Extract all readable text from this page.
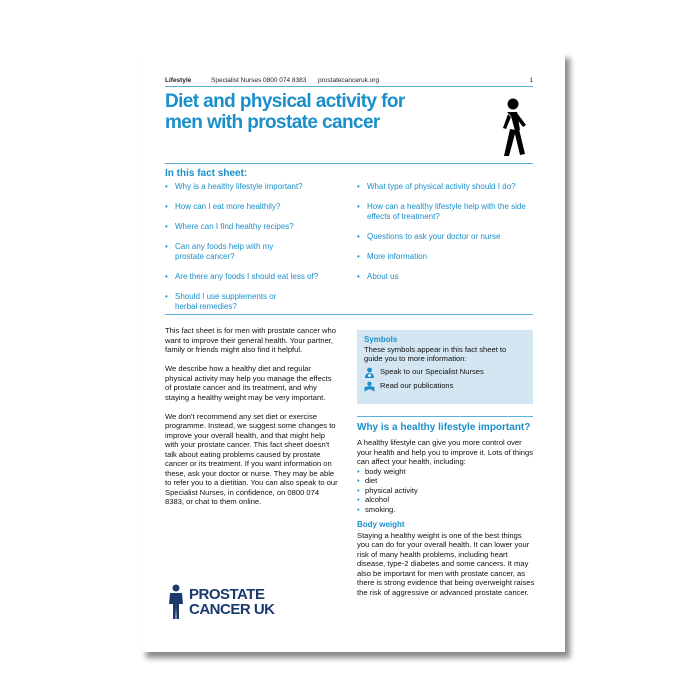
Lifestyle	Specialist Nurses 0800 074 8383	prostatecanceruk.org	1
Diet and physical activity for men with prostate cancer
In this fact sheet:
• Why is a healthy lifestyle important?
• How can I eat more healthily?
• Where can I find healthy recipes?
• Can any foods help with my prostate cancer?
• Are there any foods I should eat less of?
• Should I use supplements or herbal remedies?
• What type of physical activity should I do?
• How can a healthy lifestyle help with the side effects of treatment?
• Questions to ask your doctor or nurse
• More information
• About us

This fact sheet is for men with prostate cancer who want to improve their general health. Your partner, family or friends might also find it helpful.

We describe how a healthy diet and regular physical activity may help you manage the effects of prostate cancer and its treatment, and why staying a healthy weight may be very important.

We don't recommend any set diet or exercise programme. Instead, we suggest some changes to improve your overall health, and that might help with your prostate cancer. This fact sheet doesn't talk about eating problems caused by prostate cancer or its treatment. If you want information on these, ask your doctor or nurse. They may be able to refer you to a dietitian. You can also speak to our Specialist Nurses, in confidence, on 0800 074 8383, or chat to them online.

Symbols
These symbols appear in this fact sheet to guide you to more information:
Speak to our Specialist Nurses
Read our publications
Why is a healthy lifestyle important?

A healthy lifestyle can give you more control over your health and help you to improve it. Lots of things can affect your health, including:

• body weight
• diet
• physical activity
• alcohol
• smoking.
Body weight

Staying a healthy weight is one of the best things you can do for your overall health. It can lower your risk of many health problems, including heart disease, type-2 diabetes and some cancers. It may also be important for men with prostate cancer, as there is strong evidence that being overweight raises the risk of aggressive or advanced prostate cancer.

PROSTATE
CANCER UK
